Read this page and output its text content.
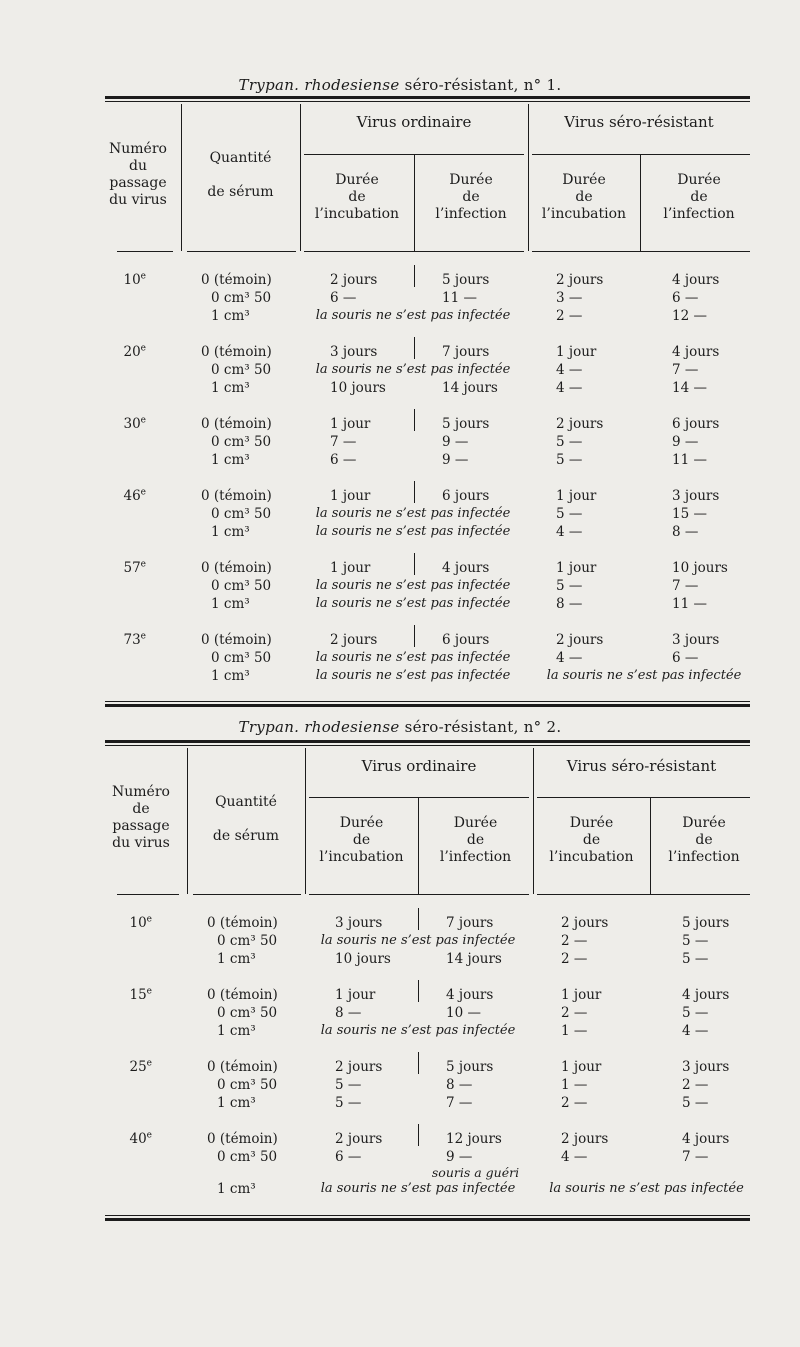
Trypan. rhodesiense séro-résistant, n° 1.
Numéro
du
passage
du virus
Quantité
de sérum
Virus ordinaire	Virus séro-résistant
Durée
de
l’incubation
Durée
de
l’infection
Durée
de
l’incubation
Durée
de
l’infection
10e	0 (témoin)	2 jours	5 jours	2 jours	4 jours
0 cm³ 50	6 —	11 —	3 —	6 —
1 cm³	la souris ne s’est pas infectée	2 —	12 —
20e	0 (témoin)	3 jours	7 jours	1 jour	4 jours
0 cm³ 50	la souris ne s’est pas infectée	4 —	7 —
1 cm³	10 jours	14 jours	4 —	14 —
30e	0 (témoin)	1 jour	5 jours	2 jours	6 jours
0 cm³ 50	7 —	9 —	5 —	9 —
1 cm³	6 —	9 —	5 —	11 —
46e	0 (témoin)	1 jour	6 jours	1 jour	3 jours
0 cm³ 50	la souris ne s’est pas infectée	5 —	15 —
1 cm³	la souris ne s’est pas infectée	4 —	8 —
57e	0 (témoin)	1 jour	4 jours	1 jour	10 jours
0 cm³ 50	la souris ne s’est pas infectée	5 —	7 —
1 cm³	la souris ne s’est pas infectée	8 —	11 —
73e	0 (témoin)	2 jours	6 jours	2 jours	3 jours
0 cm³ 50	la souris ne s’est pas infectée	4 —	6 —
1 cm³	la souris ne s’est pas infectée	la souris ne s’est pas infectée
Trypan. rhodesiense séro-résistant, n° 2.
Numéro
de
passage
du virus
Quantité
de sérum
Virus ordinaire	Virus séro-résistant
Durée
de
l’incubation
Durée
de
l’infection
Durée
de
l’incubation
Durée
de
l’infection
10e	0 (témoin)	3 jours	7 jours	2 jours	5 jours
0 cm³ 50	la souris ne s’est pas infectée	2 —	5 —
1 cm³	10 jours	14 jours	2 —	5 —
15e	0 (témoin)	1 jour	4 jours	1 jour	4 jours
0 cm³ 50	8 —	10 —	2 —	5 —
1 cm³	la souris ne s’est pas infectée	1 —	4 —
25e	0 (témoin)	2 jours	5 jours	1 jour	3 jours
0 cm³ 50	5 —	8 —	1 —	2 —
1 cm³	5 —	7 —	2 —	5 —
40e	0 (témoin)	2 jours	12 jours	2 jours	4 jours
0 cm³ 50	6 —	9 —	4 —	7 —
souris a guéri
1 cm³	la souris ne s’est pas infectée	la souris ne s’est pas infectée
